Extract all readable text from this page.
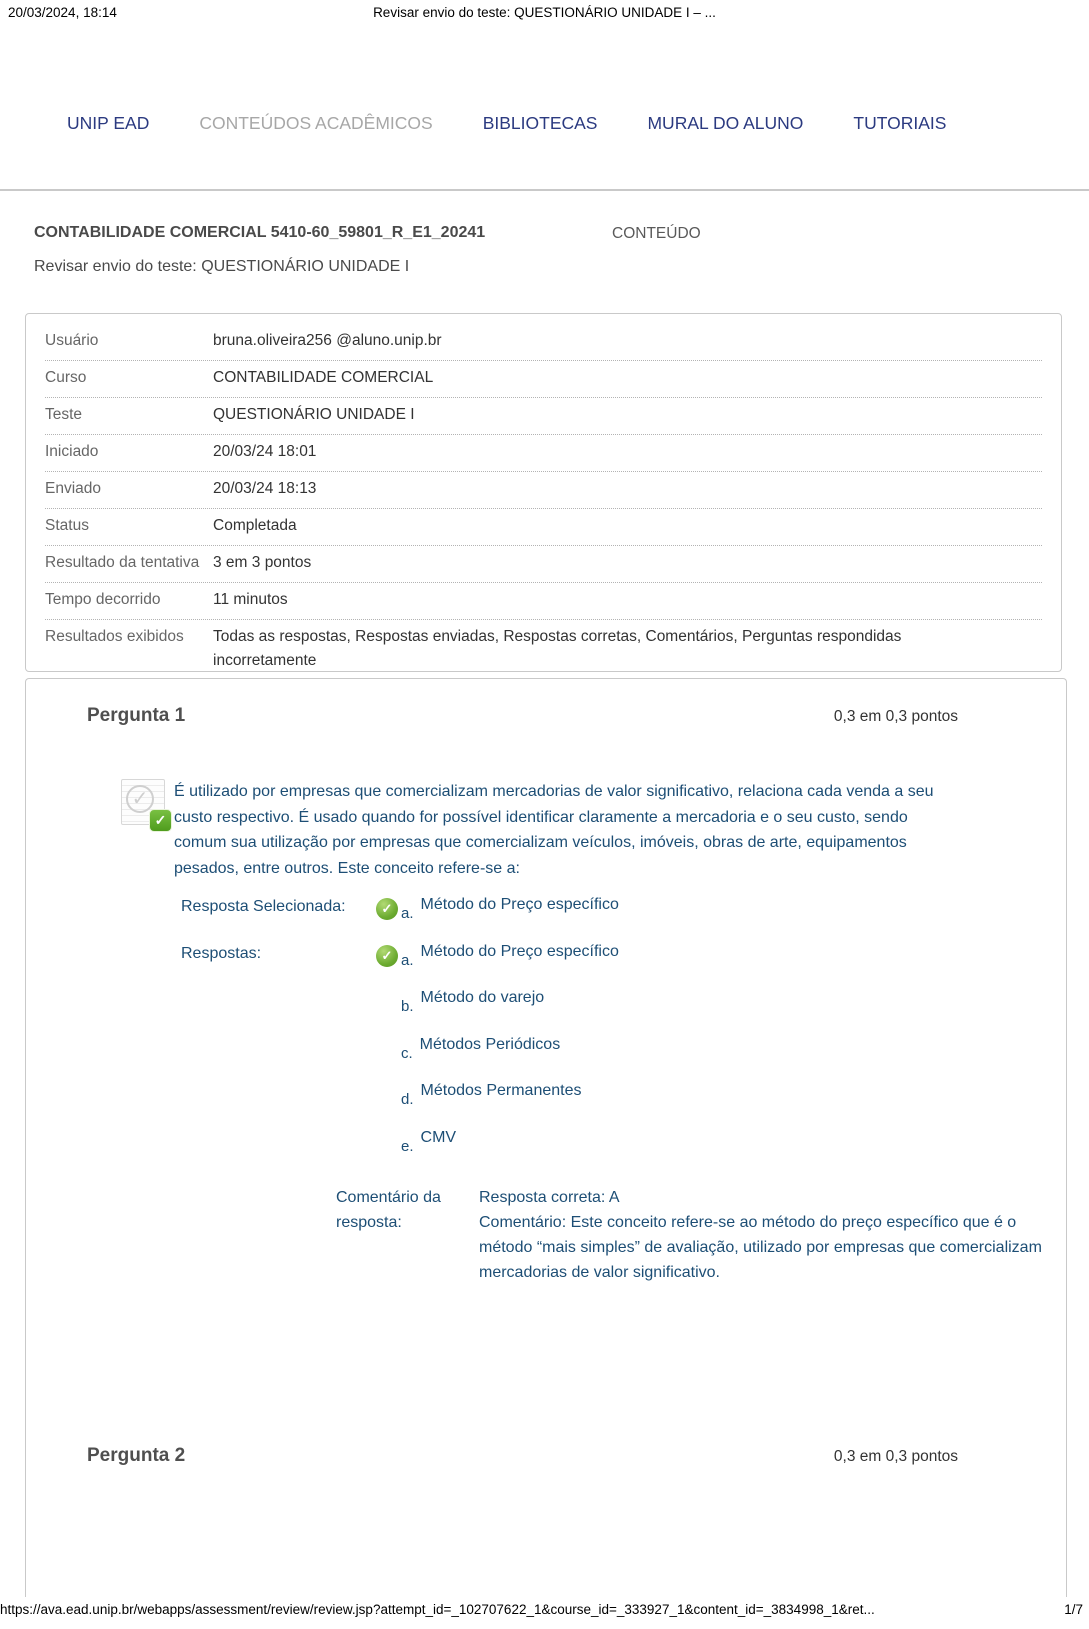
20/03/2024, 18:14	Revisar envio do teste: QUESTIONÁRIO UNIDADE I – ...
UNIP EAD	CONTEÚDOS ACADÊMICOS	BIBLIOTECAS	MURAL DO ALUNO	TUTORIAIS
CONTABILIDADE COMERCIAL 5410-60_59801_R_E1_20241	CONTEÚDO
Revisar envio do teste: QUESTIONÁRIO UNIDADE I
Usuário	bruna.oliveira256 @aluno.unip.br
Curso	CONTABILIDADE COMERCIAL
Teste	QUESTIONÁRIO UNIDADE I
Iniciado	20/03/24 18:01
Enviado	20/03/24 18:13
Status	Completada
Resultado da tentativa 3 em 3 pontos
Tempo decorrido	11 minutos
Resultados exibidos	Todas as respostas, Respostas enviadas, Respostas corretas, Comentários, Perguntas respondidas incorretamente
Pergunta 1	0,3 em 0,3 pontos
✓
✓
É utilizado por empresas que comercializam mercadorias de valor significativo, relaciona cada venda a seu custo respectivo. É usado quando for possível identificar claramente a mercadoria e o seu custo, sendo comum sua utilização por empresas que comercializam veículos, imóveis, obras de arte, equipamentos pesados, entre outros. Este conceito refere-se a:
Resposta Selecionada:	✓ a.
Método do Preço específico
Respostas:	✓ a.
Método do Preço específico
b.
Método do varejo
c.
Métodos Periódicos
d.
Métodos Permanentes
e.
CMV
Comentário da resposta:
Resposta correta: A

Comentário: Este conceito refere-se ao método do preço específico que é o método “mais simples” de avaliação, utilizado por empresas que comercializam mercadorias de valor significativo.

Pergunta 2	0,3 em 0,3 pontos
https://ava.ead.unip.br/webapps/assessment/review/review.jsp?attempt_id=_102707622_1&course_id=_333927_1&content_id=_3834998_1&ret...	1/7
